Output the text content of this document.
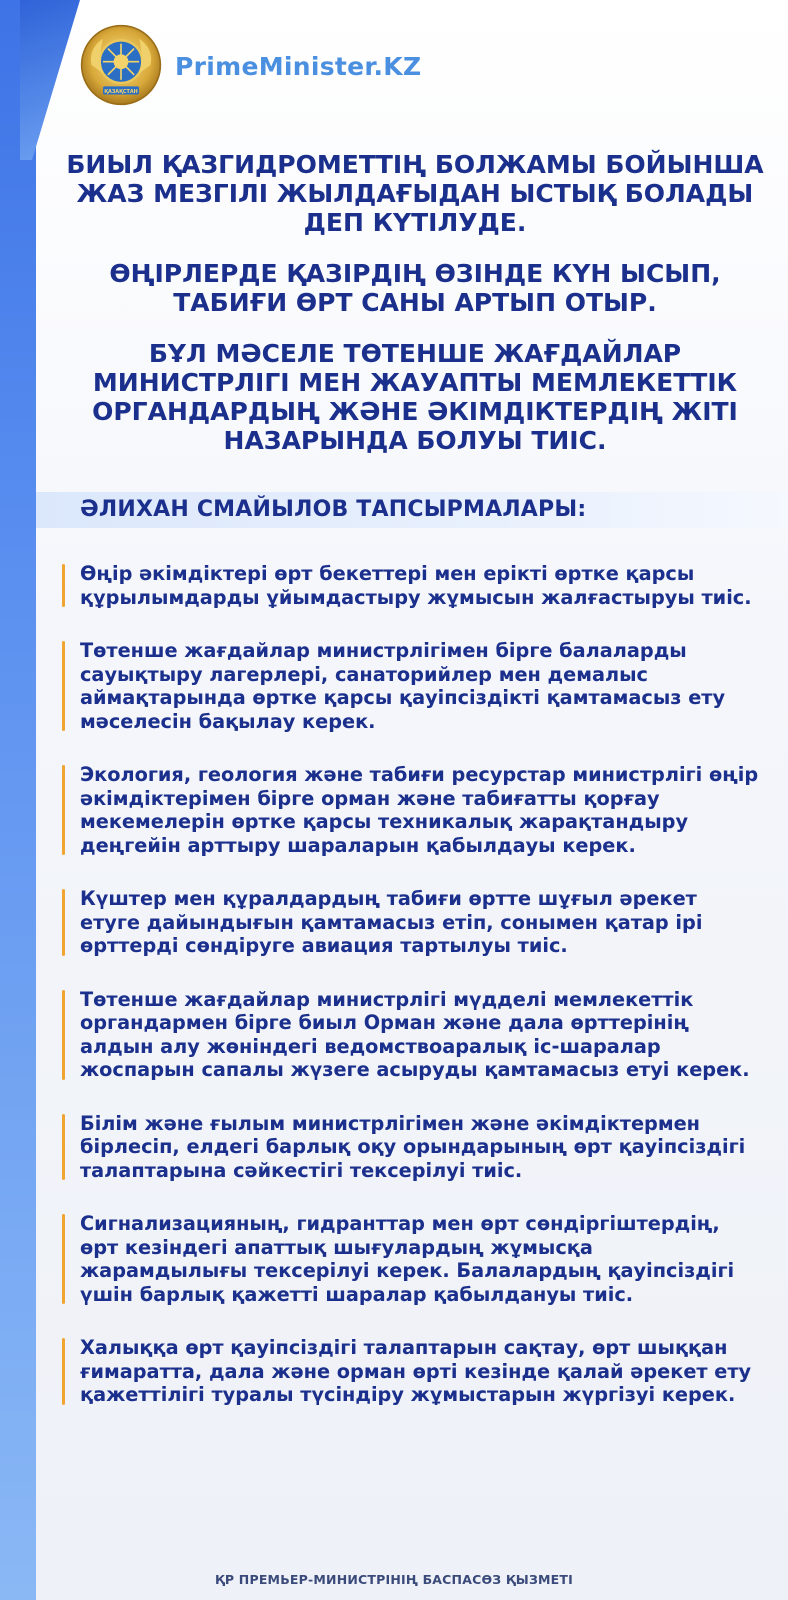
ҚАЗАҚСТАН
PrimeMinister.KZ

БИЫЛ ҚАЗГИДРОМЕТТІҢ БОЛЖАМЫ БОЙЫНША ЖАЗ МЕЗГІЛІ ЖЫЛДАҒЫДАН ЫСТЫҚ БОЛАДЫ ДЕП КҮТІЛУДЕ.

ӨҢІРЛЕРДЕ ҚАЗІРДІҢ ӨЗІНДЕ КҮН ЫСЫП, ТАБИҒИ ӨРТ САНЫ АРТЫП ОТЫР.

БҰЛ МӘСЕЛЕ ТӨТЕНШЕ ЖАҒДАЙЛАР МИНИСТРЛІГІ МЕН ЖАУАПТЫ МЕМЛЕКЕТТІК ОРГАНДАРДЫҢ ЖӘНЕ ӘКІМДІКТЕРДІҢ ЖІТІ НАЗАРЫНДА БОЛУЫ ТИІС.

ӘЛИХАН СМАЙЫЛОВ ТАПСЫРМАЛАРЫ:
Өңір әкімдіктері өрт бекеттері мен ерікті өртке қарсы құрылымдарды ұйымдастыру жұмысын жалғастыруы тиіс.
Төтенше жағдайлар министрлігімен бірге балаларды сауықтыру лагерлері, санаторийлер мен демалыс аймақтарында өртке қарсы қауіпсіздікті қамтамасыз ету мәселесін бақылау керек.
Экология, геология және табиғи ресурстар министрлігі өңір әкімдіктерімен бірге орман және табиғатты қорғау мекемелерін өртке қарсы техникалық жарақтандыру деңгейін арттыру шараларын қабылдауы керек.
Күштер мен құралдардың табиғи өртте шұғыл әрекет етуге дайындығын қамтамасыз етіп, сонымен қатар ірі өрттерді сөндіруге авиация тартылуы тиіс.
Төтенше жағдайлар министрлігі мүдделі мемлекеттік органдармен бірге биыл Орман және дала өрттерінің алдын алу жөніндегі ведомствоаралық іс-шаралар жоспарын сапалы жүзеге асыруды қамтамасыз етуі керек.
Білім және ғылым министрлігімен және әкімдіктермен бірлесіп, елдегі барлық оқу орындарының өрт қауіпсіздігі талаптарына сәйкестігі тексерілуі тиіс.
Сигнализацияның, гидранттар мен өрт сөндіргіштердің, өрт кезіндегі апаттық шығулардың жұмысқа жарамдылығы тексерілуі керек. Балалардың қауіпсіздігі үшін барлық қажетті шаралар қабылдануы тиіс.
Халыққа өрт қауіпсіздігі талаптарын сақтау, өрт шыққан ғимаратта, дала және орман өрті кезінде қалай әрекет ету қажеттілігі туралы түсіндіру жұмыстарын жүргізуі керек.
ҚР ПРЕМЬЕР-МИНИСТРІНІҢ БАСПАСӨЗ ҚЫЗМЕТІ
